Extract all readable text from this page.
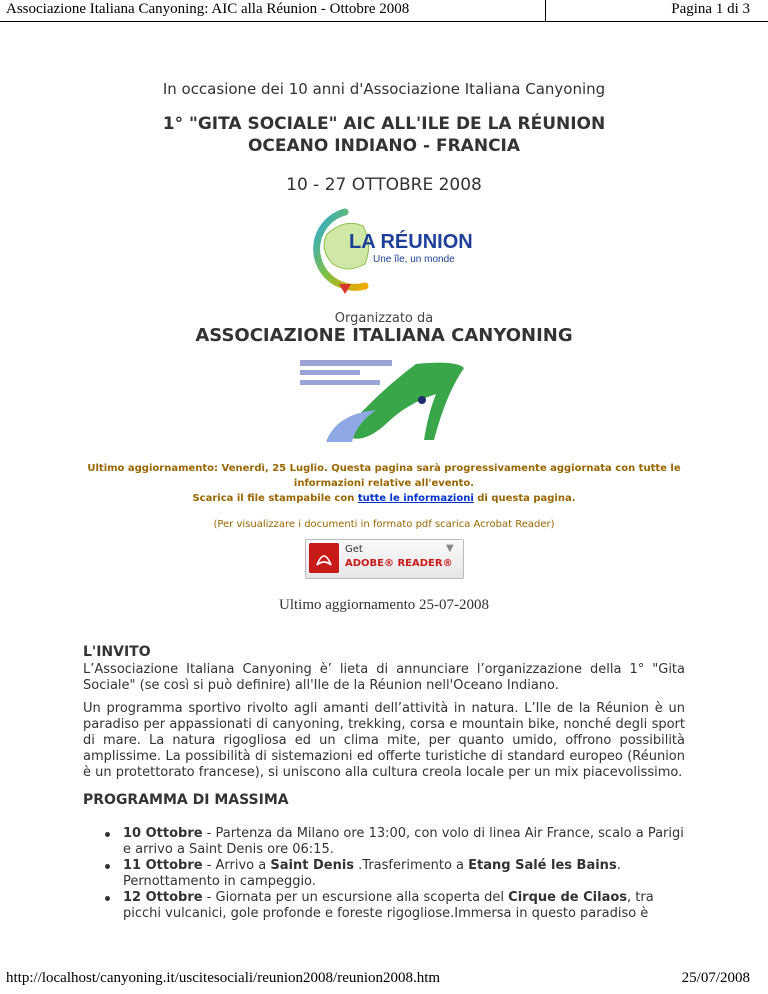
Associazione Italiana Canyoning: AIC alla Réunion - Ottobre 2008	Pagina 1 di 3
In occasione dei 10 anni d'Associazione Italiana Canyoning
1° "GITA SOCIALE" AIC ALL'ILE DE LA RÉUNION
OCEANO INDIANO - FRANCIA
10 - 27 OTTOBRE 2008
LA RÉUNION
Une île, un monde
Organizzato da
ASSOCIAZIONE ITALIANA CANYONING
Ultimo aggiornamento: Venerdì, 25 Luglio. Questa pagina sarà progressivamente aggiornata con tutte le
informazioni relative all'evento.
Scarica il file stampabile con tutte le informazioni di questa pagina.
(Per visualizzare i documenti in formato pdf scarica Acrobat Reader)
Get
ADOBE® READER®
▼
Ultimo aggiornamento 25-07-2008
L'INVITO

L’Associazione Italiana Canyoning è’ lieta di annunciare l’organizzazione della 1° "Gita Sociale" (se così si può definire) all'Ile de la Réunion nell'Oceano Indiano.

Un programma sportivo rivolto agli amanti dell’attività in natura. L’Ile de la Réunion è un paradiso per appassionati di canyoning, trekking, corsa e mountain bike, nonché degli sport di mare. La natura rigogliosa ed un clima mite, per quanto umido, offrono possibilità amplissime. La possibilità di sistemazioni ed offerte turistiche di standard europeo (Réunion è un protettorato francese), si uniscono alla cultura creola locale per un mix piacevolissimo.

PROGRAMMA DI MASSIMA
10 Ottobre - Partenza da Milano ore 13:00, con volo di linea Air France, scalo a Parigi e arrivo a Saint Denis ore 06:15.
11 Ottobre - Arrivo a Saint Denis .Trasferimento a Etang Salé les Bains. Pernottamento in campeggio.
12 Ottobre - Giornata per un escursione alla scoperta del Cirque de Cilaos, tra picchi vulcanici, gole profonde e foreste rigogliose.Immersa in questo paradiso è
http://localhost/canyoning.it/uscitesociali/reunion2008/reunion2008.htm	25/07/2008
